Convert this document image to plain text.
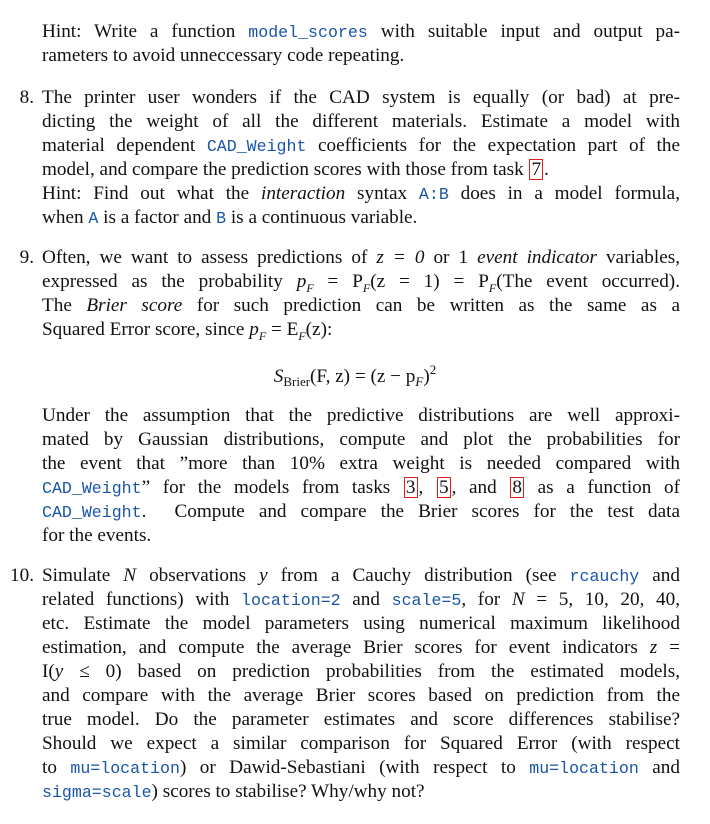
Hint: Write a function model_scores with suitable input and output pa-
rameters to avoid unneccessary code repeating.
8. The printer user wonders if the CAD system is equally (or bad) at pre-
dicting the weight of all the different materials. Estimate a model with
material dependent CAD_Weight coefficients for the expectation part of the
model, and compare the prediction scores with those from task 7 .
Hint: Find out what the interaction syntax A:B does in a model formula,
when A is a factor and B is a continuous variable.
9. Often, we want to assess predictions of z = 0 or 1 event indicator variables,
expressed as the probability $p_F = P_F(z = 1) = P_F(The$ event occurred).
The Brier score for such prediction can be written as the same as a
Squared Error score, since $p_F = E_F(z)$:
$S_{Brier}(F$, $z) = (z - p_F)^2$
Under the assumption that the predictive distributions are well approxi-
mated by Gaussian distributions, compute and plot the probabilities for
the event that ”more than 10% extra weight is needed compared with
CAD_Weight” for the models from tasks 3 , 5 , and 8 as a function of
CAD_Weight.  Compute and compare the Brier scores for the test data
for the events.
10. Simulate N observations y from a Cauchy distribution (see rcauchy and
related functions) with location=2 and scale=5, for N = 5, 10, 20, 40,
etc. Estimate the model parameters using numerical maximum likelihood
estimation, and compute the average Brier scores for event indicators z =
I(y ≤ 0) based on prediction probabilities from the estimated models,
and compare with the average Brier scores based on prediction from the
true model. Do the parameter estimates and score differences stabilise?
Should we expect a similar comparison for Squared Error (with respect
to mu=location) or Dawid-Sebastiani (with respect to mu=location and
sigma=scale) scores to stabilise? Why/why not?
